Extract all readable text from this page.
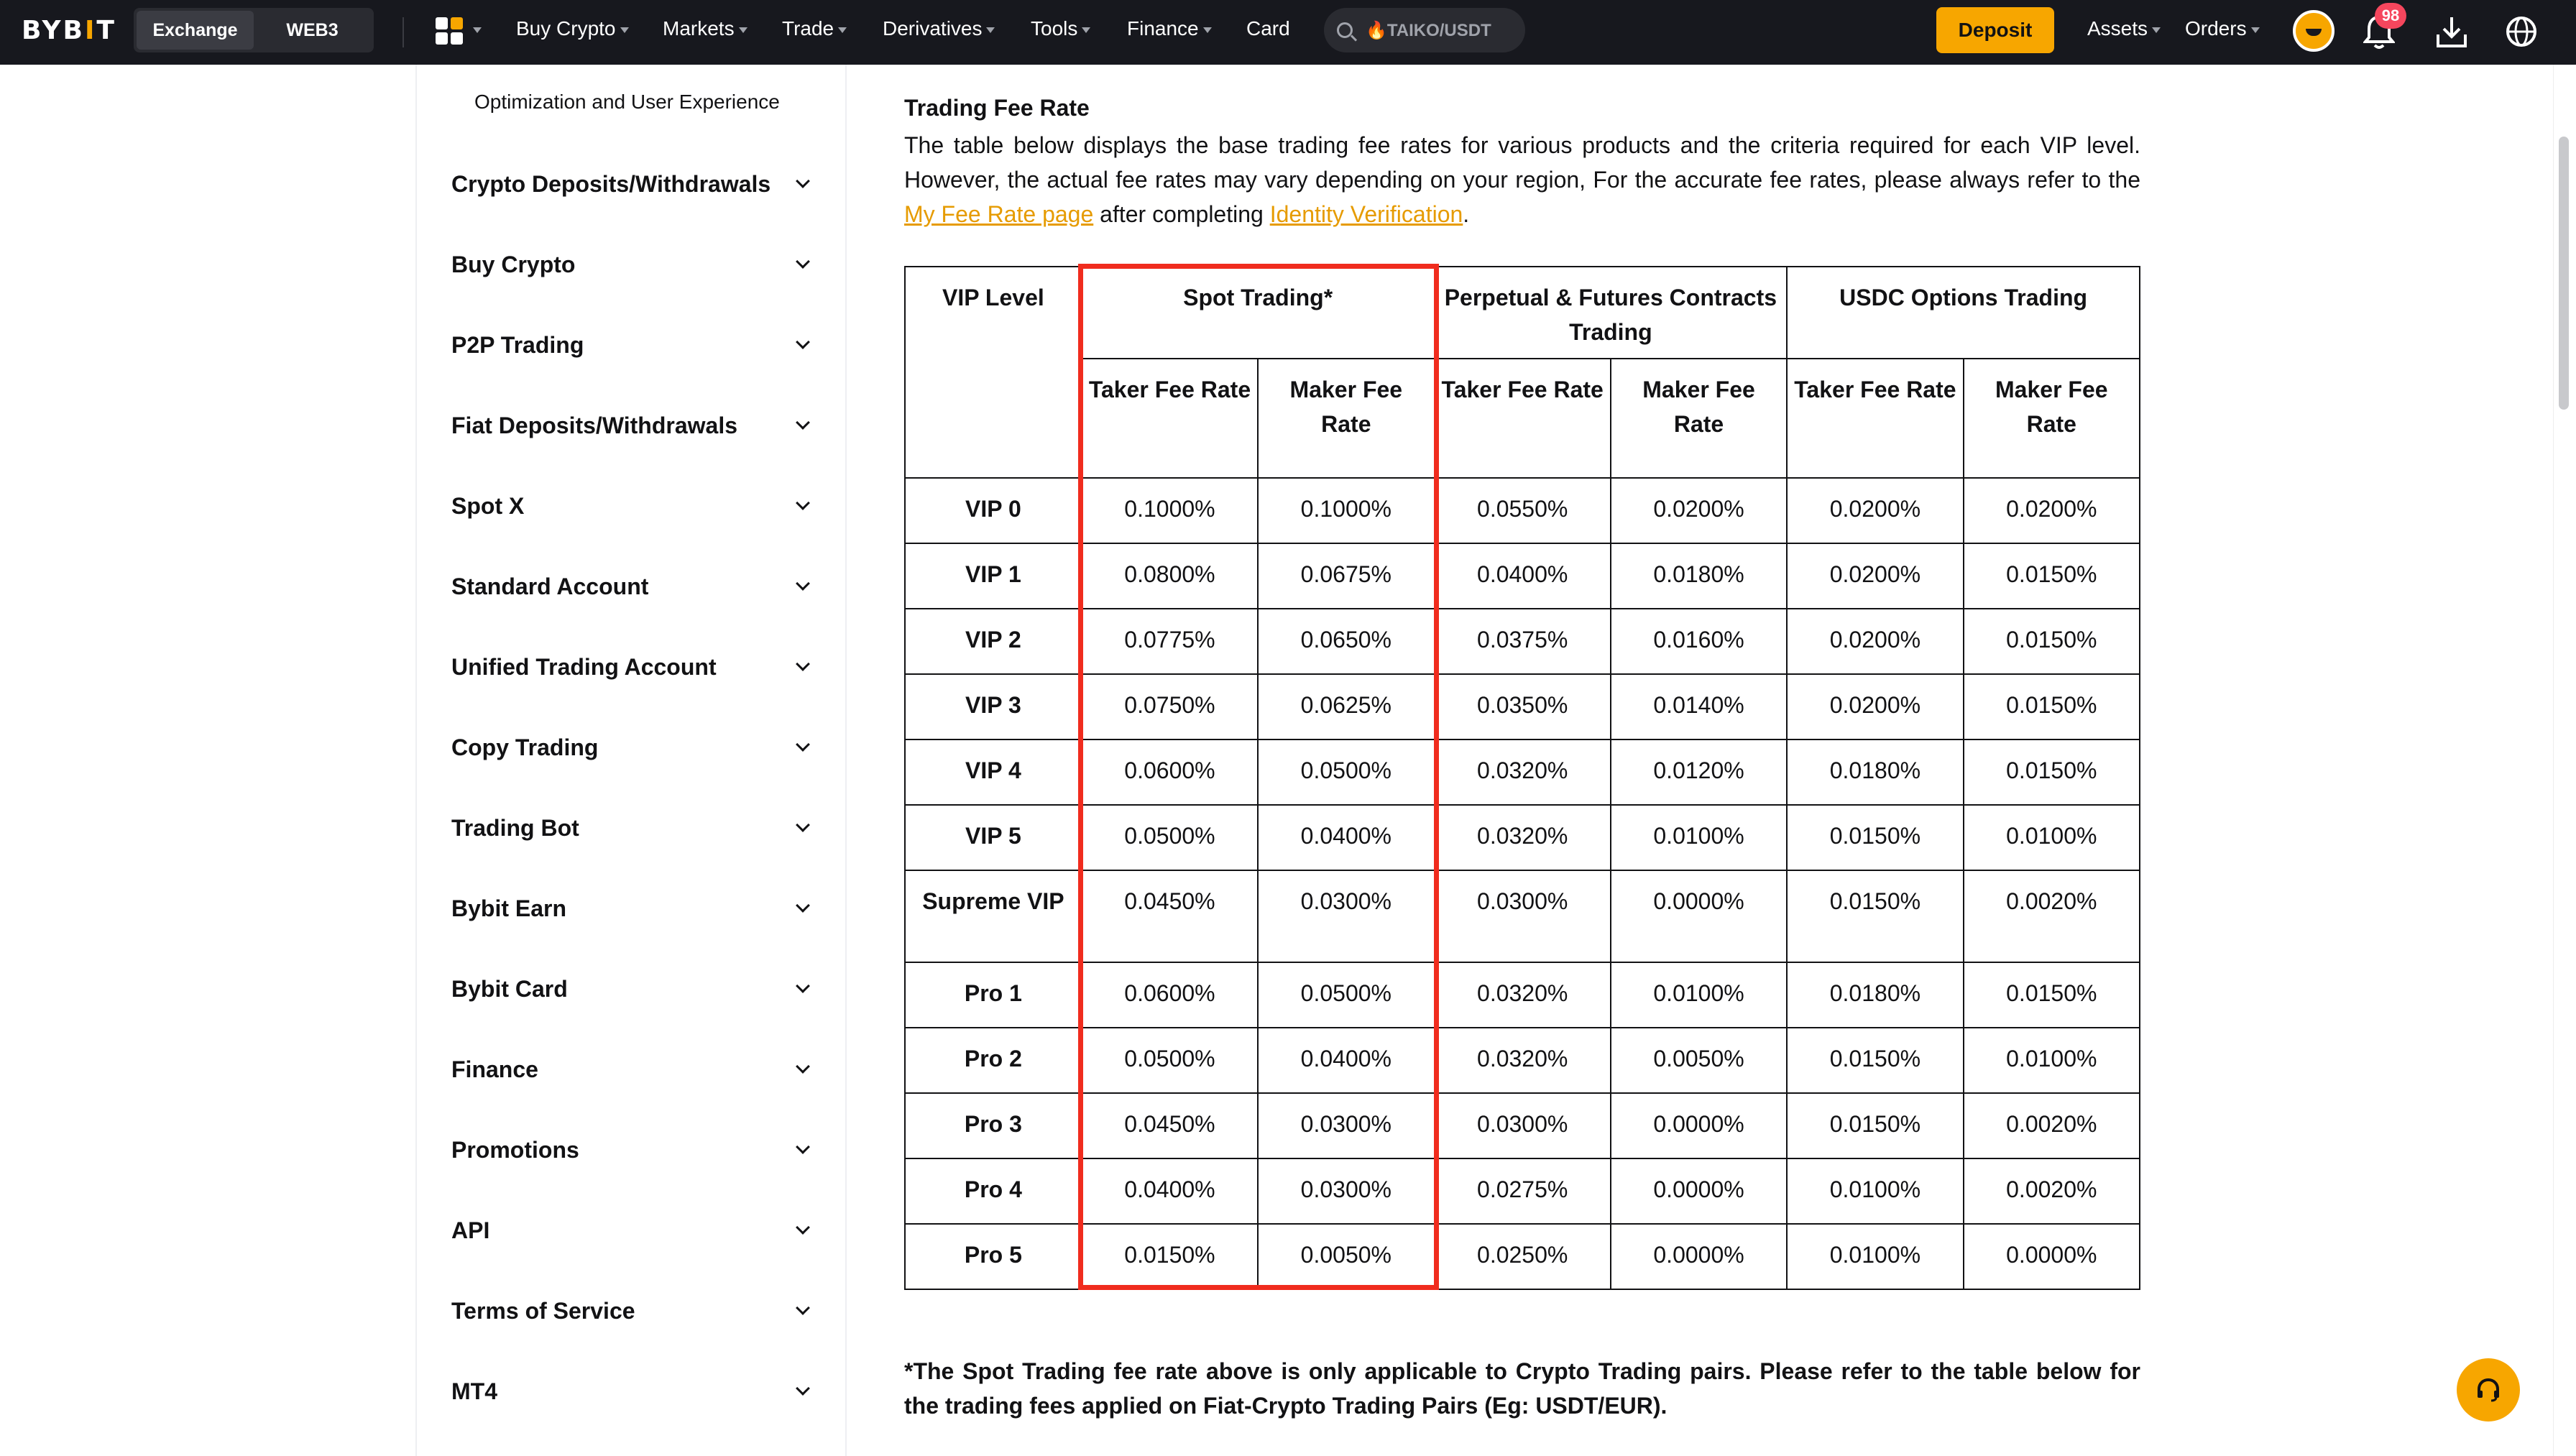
BYBIT	Exchange	WEB3	Buy Crypto	Markets	Trade	Derivatives	Tools	Finance	Card	🔥TAIKO/USDT	Deposit	Assets	Orders
98
Optimization and User Experience
Crypto Deposits/Withdrawals
Buy Crypto
P2P Trading
Fiat Deposits/Withdrawals
Spot X
Standard Account
Unified Trading Account
Copy Trading
Trading Bot
Bybit Earn
Bybit Card
Finance
Promotions
API
Terms of Service
MT4
Trading Fee Rate

The table below displays the base trading fee rates for various products and the criteria required for each VIP level. However, the actual fee rates may vary depending on your region, For the accurate fee rates, please always refer to the My Fee Rate page after completing Identity Verification.

VIP Level	Spot Trading*		Perpetual & Futures Contracts Trading		USDC Options Trading	
	Taker Fee Rate	Maker Fee Rate	Taker Fee Rate	Maker Fee Rate	Taker Fee Rate	Maker Fee Rate
VIP 0	0.1000%	0.1000%	0.0550%	0.0200%	0.0200%	0.0200%
VIP 1	0.0800%	0.0675%	0.0400%	0.0180%	0.0200%	0.0150%
VIP 2	0.0775%	0.0650%	0.0375%	0.0160%	0.0200%	0.0150%
VIP 3	0.0750%	0.0625%	0.0350%	0.0140%	0.0200%	0.0150%
VIP 4	0.0600%	0.0500%	0.0320%	0.0120%	0.0180%	0.0150%
VIP 5	0.0500%	0.0400%	0.0320%	0.0100%	0.0150%	0.0100%
Supreme VIP	0.0450%	0.0300%	0.0300%	0.0000%	0.0150%	0.0020%
Pro 1	0.0600%	0.0500%	0.0320%	0.0100%	0.0180%	0.0150%
Pro 2	0.0500%	0.0400%	0.0320%	0.0050%	0.0150%	0.0100%
Pro 3	0.0450%	0.0300%	0.0300%	0.0000%	0.0150%	0.0020%
Pro 4	0.0400%	0.0300%	0.0275%	0.0000%	0.0100%	0.0020%
Pro 5	0.0150%	0.0050%	0.0250%	0.0000%	0.0100%	0.0000%

*The Spot Trading fee rate above is only applicable to Crypto Trading pairs. Please refer to the table below for the trading fees applied on Fiat-Crypto Trading Pairs (Eg: USDT/EUR).
